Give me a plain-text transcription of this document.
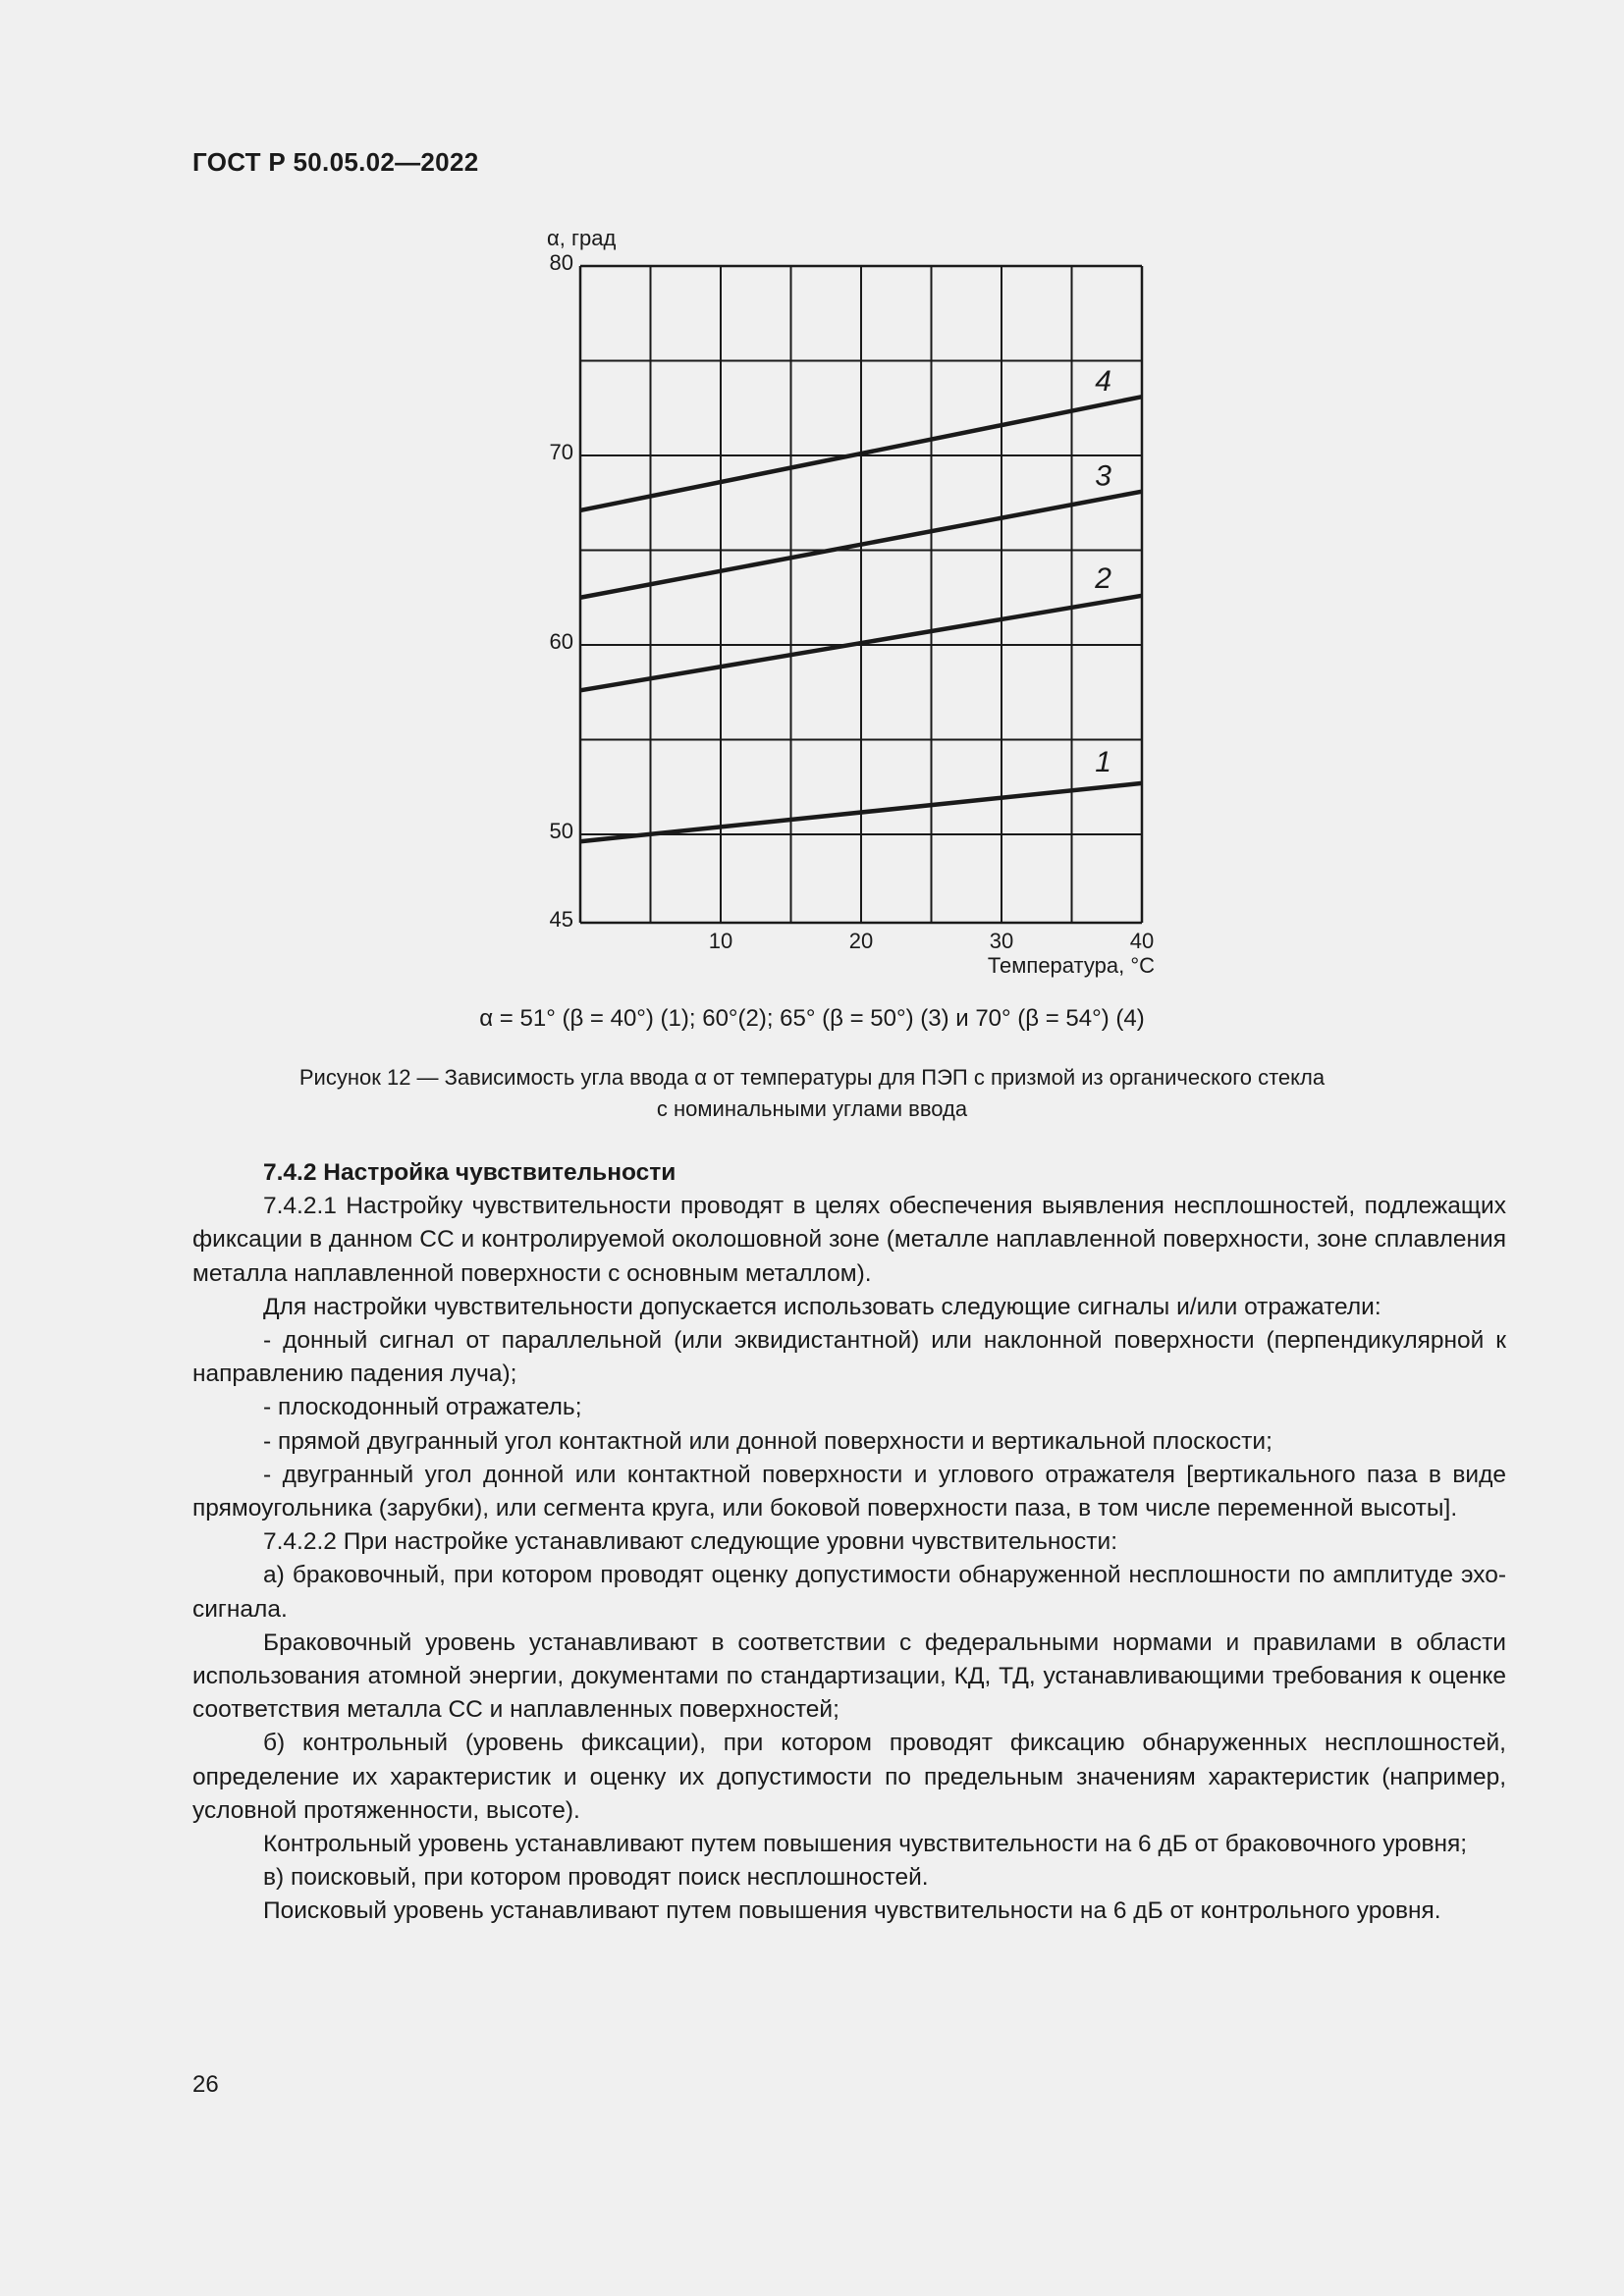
ГОСТ Р 50.05.02—2022
1
2
3
4
45
50
60
70
80
10	20	30	40
α, град
Температура, °С
α = 51° (β = 40°) (1); 60°(2); 65° (β = 50°) (3) и 70° (β = 54°) (4)
Рисунок 12 — Зависимость угла ввода α от температуры для ПЭП с призмой из органического стекла
с номинальными углами ввода

7.4.2 Настройка чувствительности

7.4.2.1 Настройку чувствительности проводят в целях обеспечения выявления несплошностей, подлежащих фиксации в данном СС и контролируемой околошовной зоне (металле наплавленной поверхности, зоне сплавления металла наплавленной поверхности с основным металлом).

Для настройки чувствительности допускается использовать следующие сигналы и/или отражатели:

- донный сигнал от параллельной (или эквидистантной) или наклонной поверхности (перпендикулярной к направлению падения луча);

- плоскодонный отражатель;

- прямой двугранный угол контактной или донной поверхности и вертикальной плоскости;

- двугранный угол донной или контактной поверхности и углового отражателя [вертикального паза в виде прямоугольника (зарубки), или сегмента круга, или боковой поверхности паза, в том числе переменной высоты].

7.4.2.2 При настройке устанавливают следующие уровни чувствительности:

а) браковочный, при котором проводят оценку допустимости обнаруженной несплошности по амплитуде эхо-сигнала.

Браковочный уровень устанавливают в соответствии с федеральными нормами и правилами в области использования атомной энергии, документами по стандартизации, КД, ТД, устанавливающими требования к оценке соответствия металла СС и наплавленных поверхностей;

б) контрольный (уровень фиксации), при котором проводят фиксацию обнаруженных несплошностей, определение их характеристик и оценку их допустимости по предельным значениям характеристик (например, условной протяженности, высоте).

Контрольный уровень устанавливают путем повышения чувствительности на 6 дБ от браковочного уровня;

в) поисковый, при котором проводят поиск несплошностей.

Поисковый уровень устанавливают путем повышения чувствительности на 6 дБ от контрольного уровня.

26
